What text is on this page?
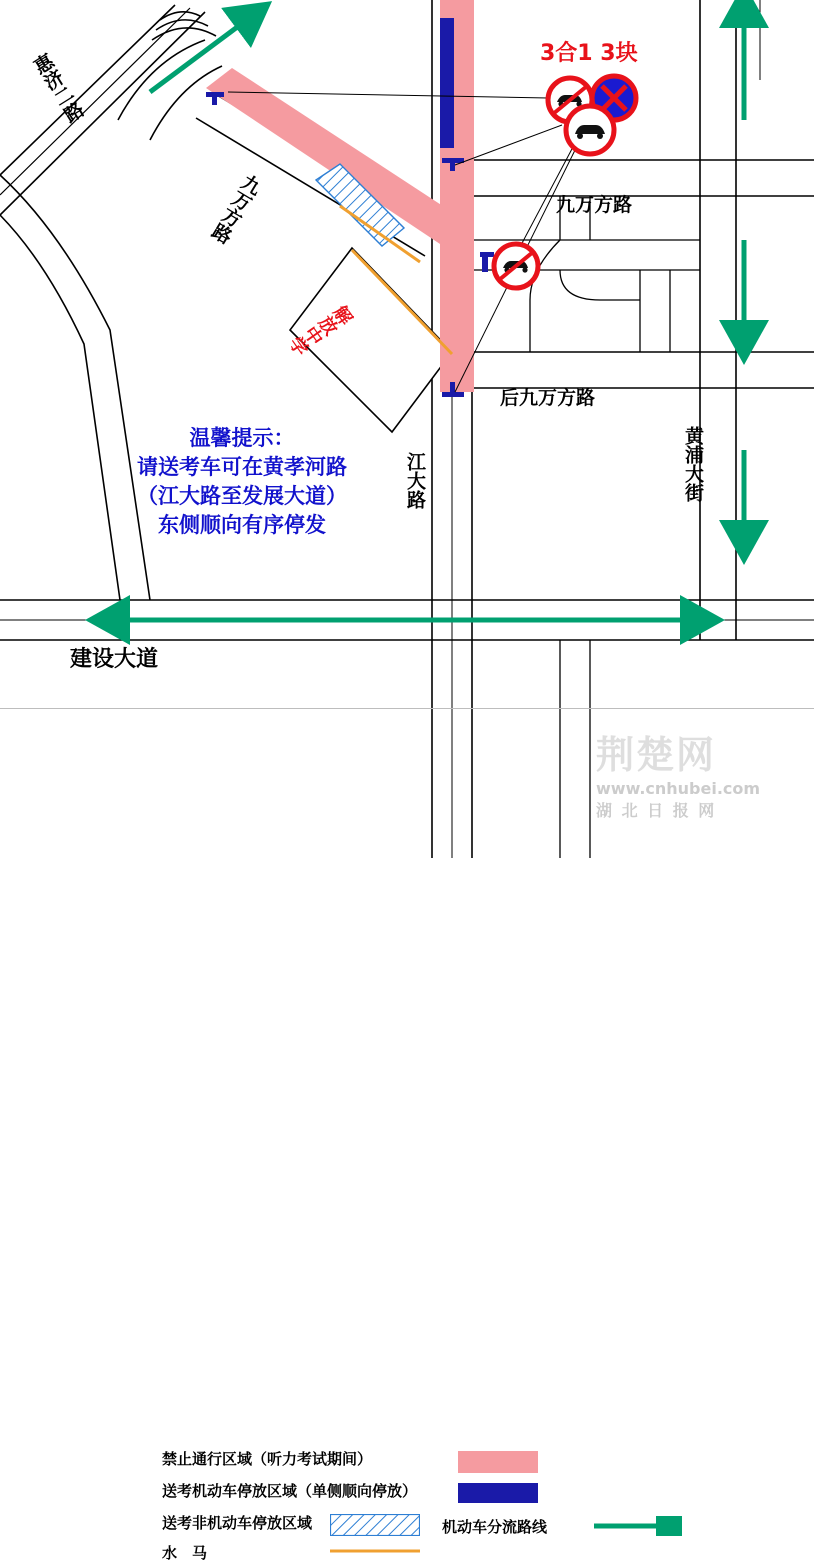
惠济二路
九万方路	九万方路
后九万方路
江大路	黄浦大街
建设大道
解放中学
3合1 3块
温馨提示：
请送考车可在黄孝河路
（江大路至发展大道）
东侧顺向有序停发
禁止通行区域（听力考试期间）
送考机动车停放区域（单侧顺向停放）
送考非机动车停放区域	机动车分流路线
水　马
荆楚网
www.cnhubei.com
湖 北 日 报 网
